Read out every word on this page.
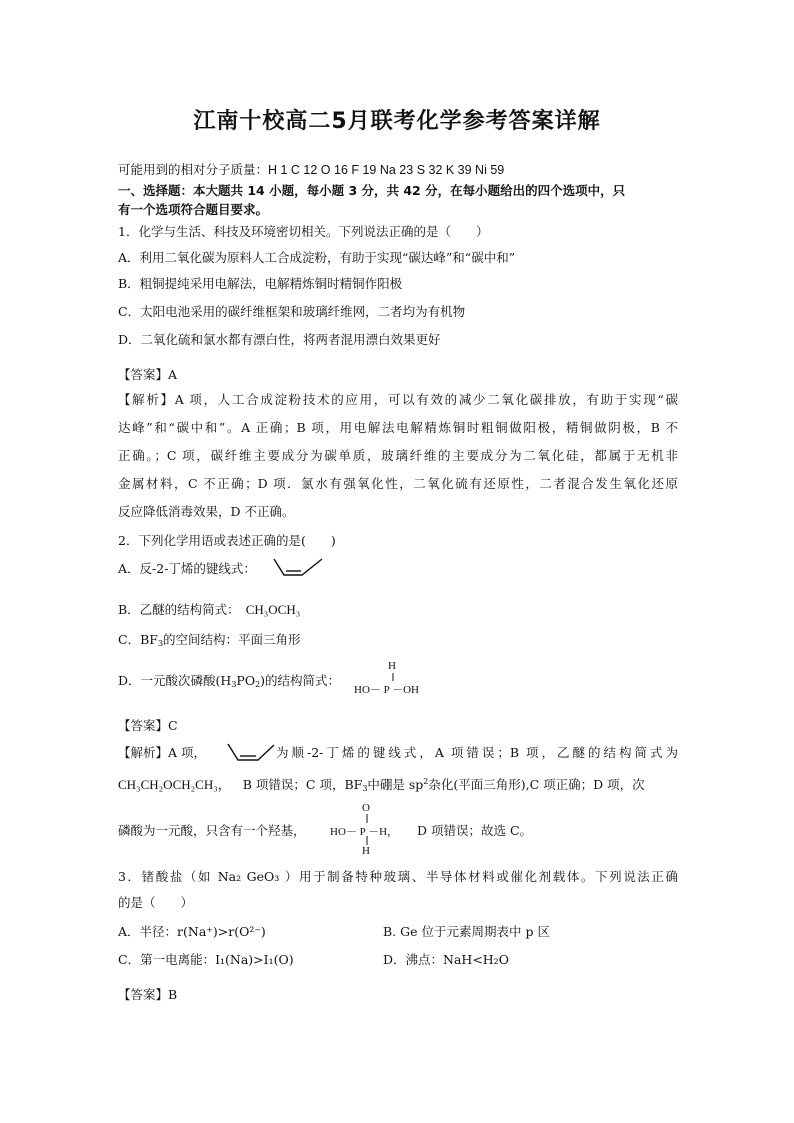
江南十校高二5月联考化学参考答案详解
可能用到的相对分子质量：H 1 C 12 O 16 F 19 Na 23 S 32 K 39 Ni 59
一、选择题：本大题共 14 小题，每小题 3 分，共 42 分，在每小题给出的四个选项中，只
有一个选项符合题目要求。
1．化学与生活、科技及环境密切相关。下列说法正确的是（　　）
A．利用二氧化碳为原料人工合成淀粉，有助于实现“碳达峰”和“碳中和”
B．粗铜提纯采用电解法，电解精炼铜时精铜作阳极
C．太阳电池采用的碳纤维框架和玻璃纤维网，二者均为有机物
D．二氧化硫和氯水都有漂白性，将两者混用漂白效果更好
【答案】A
【解析】A 项，人工合成淀粉技术的应用，可以有效的减少二氧化碳排放，有助于实现“碳
达峰”和“碳中和”。A 正确；B 项，用电解法电解精炼铜时粗铜做阳极，精铜做阴极，B 不
正确。；C 项，碳纤维主要成分为碳单质，玻璃纤维的主要成分为二氧化硅，都属于无机非
金属材料，C 不正确；D 项．氯水有强氧化性，二氧化硫有还原性，二者混合发生氧化还原
反应降低消毒效果，D 不正确。
2．下列化学用语或表述正确的是(　　)
A．反-2-丁烯的键线式：
B．乙醚的结构简式： CH₃OCH₃
C．$BF_3$的空间结构：平面三角形
D．一元酸次磷酸$(H_3PO_2)$的结构简式：
H
HO－ P －OH
【答案】C
【解析】A 项，	为顺-2-丁烯的键线式，A 项错误；B 项，乙醚的结构简式为
CH₃CH₂OCH₂CH₃， B 项错误；C 项，$BF_3$中硼是 $sp^2$杂化(平面三角形),C 项正确；D 项，次
O
磷酸为一元酸，只含有一个羟基， HO－ P －H， D 项错误；故选 C。
H
3．锗酸盐（如 Na₂ GeO₃ ）用于制备特种玻璃、半导体材料或催化剂载体。下列说法正确
的是（　　）
A．半径：r(Na⁺)>r(O²⁻)	B. Ge 位于元素周期表中 p 区
C．第一电离能：I₁(Na)>I₁(O)	D．沸点：NaH<H₂O
【答案】B
